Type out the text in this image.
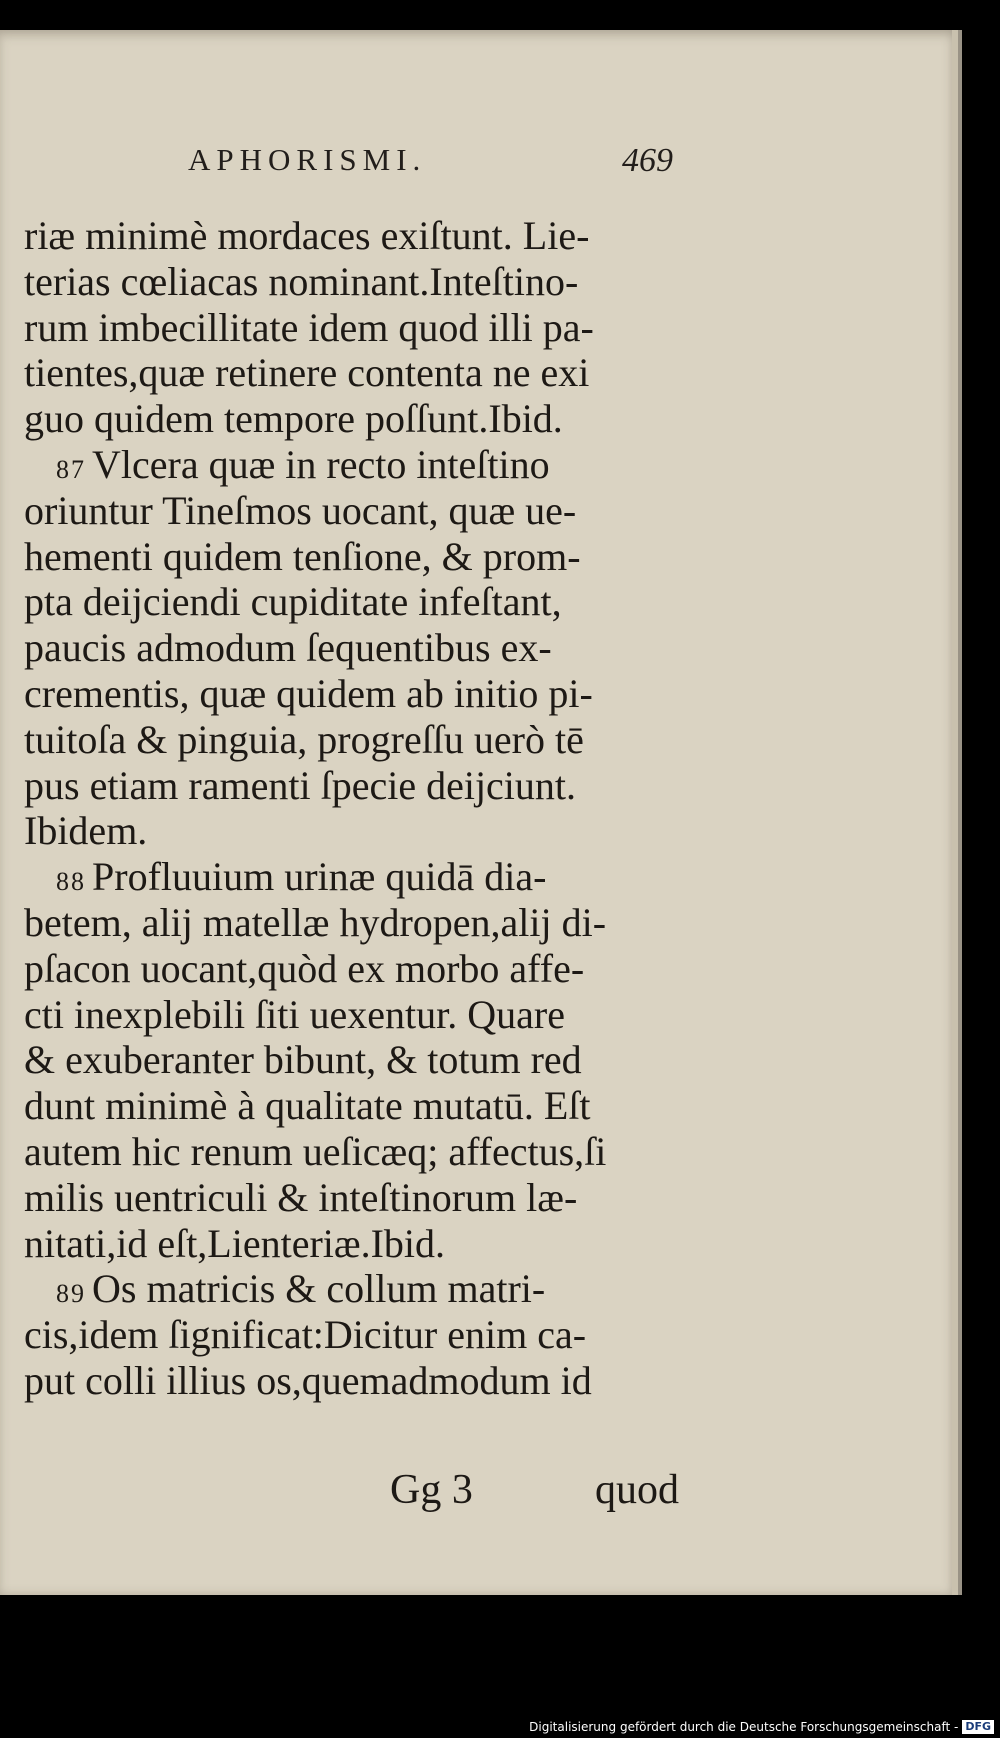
APHORISMI.	469
riæ minimè mordaces exiſtunt. Lie-
terias cœliacas nominant.Inteſtino-
rum imbecillitate idem quod illi pa-
tientes,quæ retinere contenta ne exi
guo quidem tempore poſſunt.Ibid.
87 Vlcera quæ in recto inteſtino
oriuntur Tineſmos uocant, quæ ue-
hementi quidem tenſione, & prom-
pta deijciendi cupiditate infeſtant,
paucis admodum ſequentibus ex-
crementis, quæ quidem ab initio pi-
tuitoſa & pinguia, progreſſu uerò tē
pus etiam ramenti ſpecie deijciunt.
Ibidem.
88 Profluuium urinæ quidā dia-
betem, alij matellæ hydropen,alij di-
pſacon uocant,quòd ex morbo affe-
cti inexplebili ſiti uexentur. Quare
& exuberanter bibunt, & totum red
dunt minimè à qualitate mutatū. Eſt
autem hic renum ueſicæq; affectus,ſi
milis uentriculi & inteſtinorum læ-
nitati,id eſt,Lienteriæ.Ibid.
89 Os matricis & collum matri-
cis,idem ſignificat:Dicitur enim ca-
put colli illius os,quemadmodum id
Gg 3	quod
Digitalisierung gefördert durch die Deutsche Forschungsgemeinschaft - DFG
